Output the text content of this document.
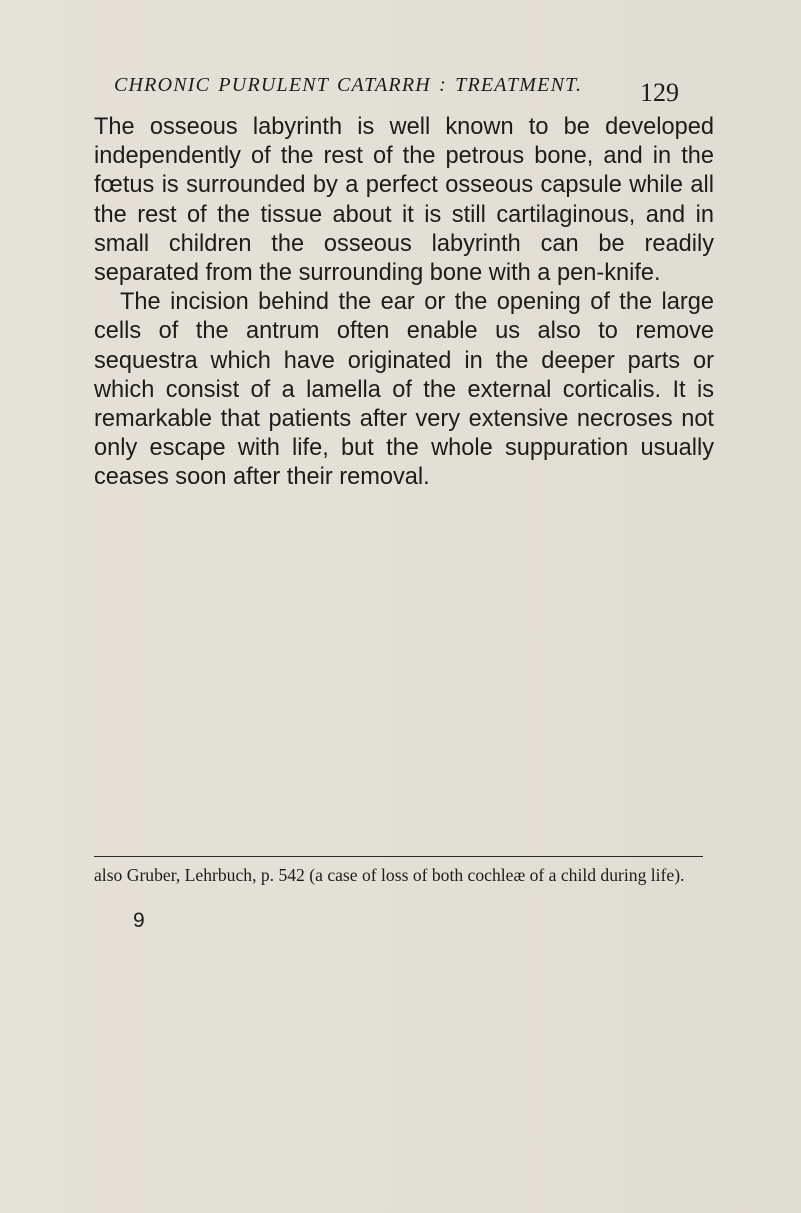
CHRONIC PURULENT CATARRH : TREATMENT.	129

The osseous labyrinth is well known to be developed independently of the rest of the petrous bone, and in the fœtus is surrounded by a perfect osseous capsule while all the rest of the tissue about it is still cartilaginous, and in small children the osseous labyrinth can be readily separated from the surrounding bone with a pen-knife.

The incision behind the ear or the opening of the large cells of the antrum often enable us also to remove sequestra which have originated in the deeper parts or which consist of a lamella of the external corticalis. It is remarkable that patients after very extensive necroses not only escape with life, but the whole suppuration usually ceases soon after their removal.

also Gruber, Lehrbuch, p. 542 (a case of loss of both cochleæ of a child during life).
9
